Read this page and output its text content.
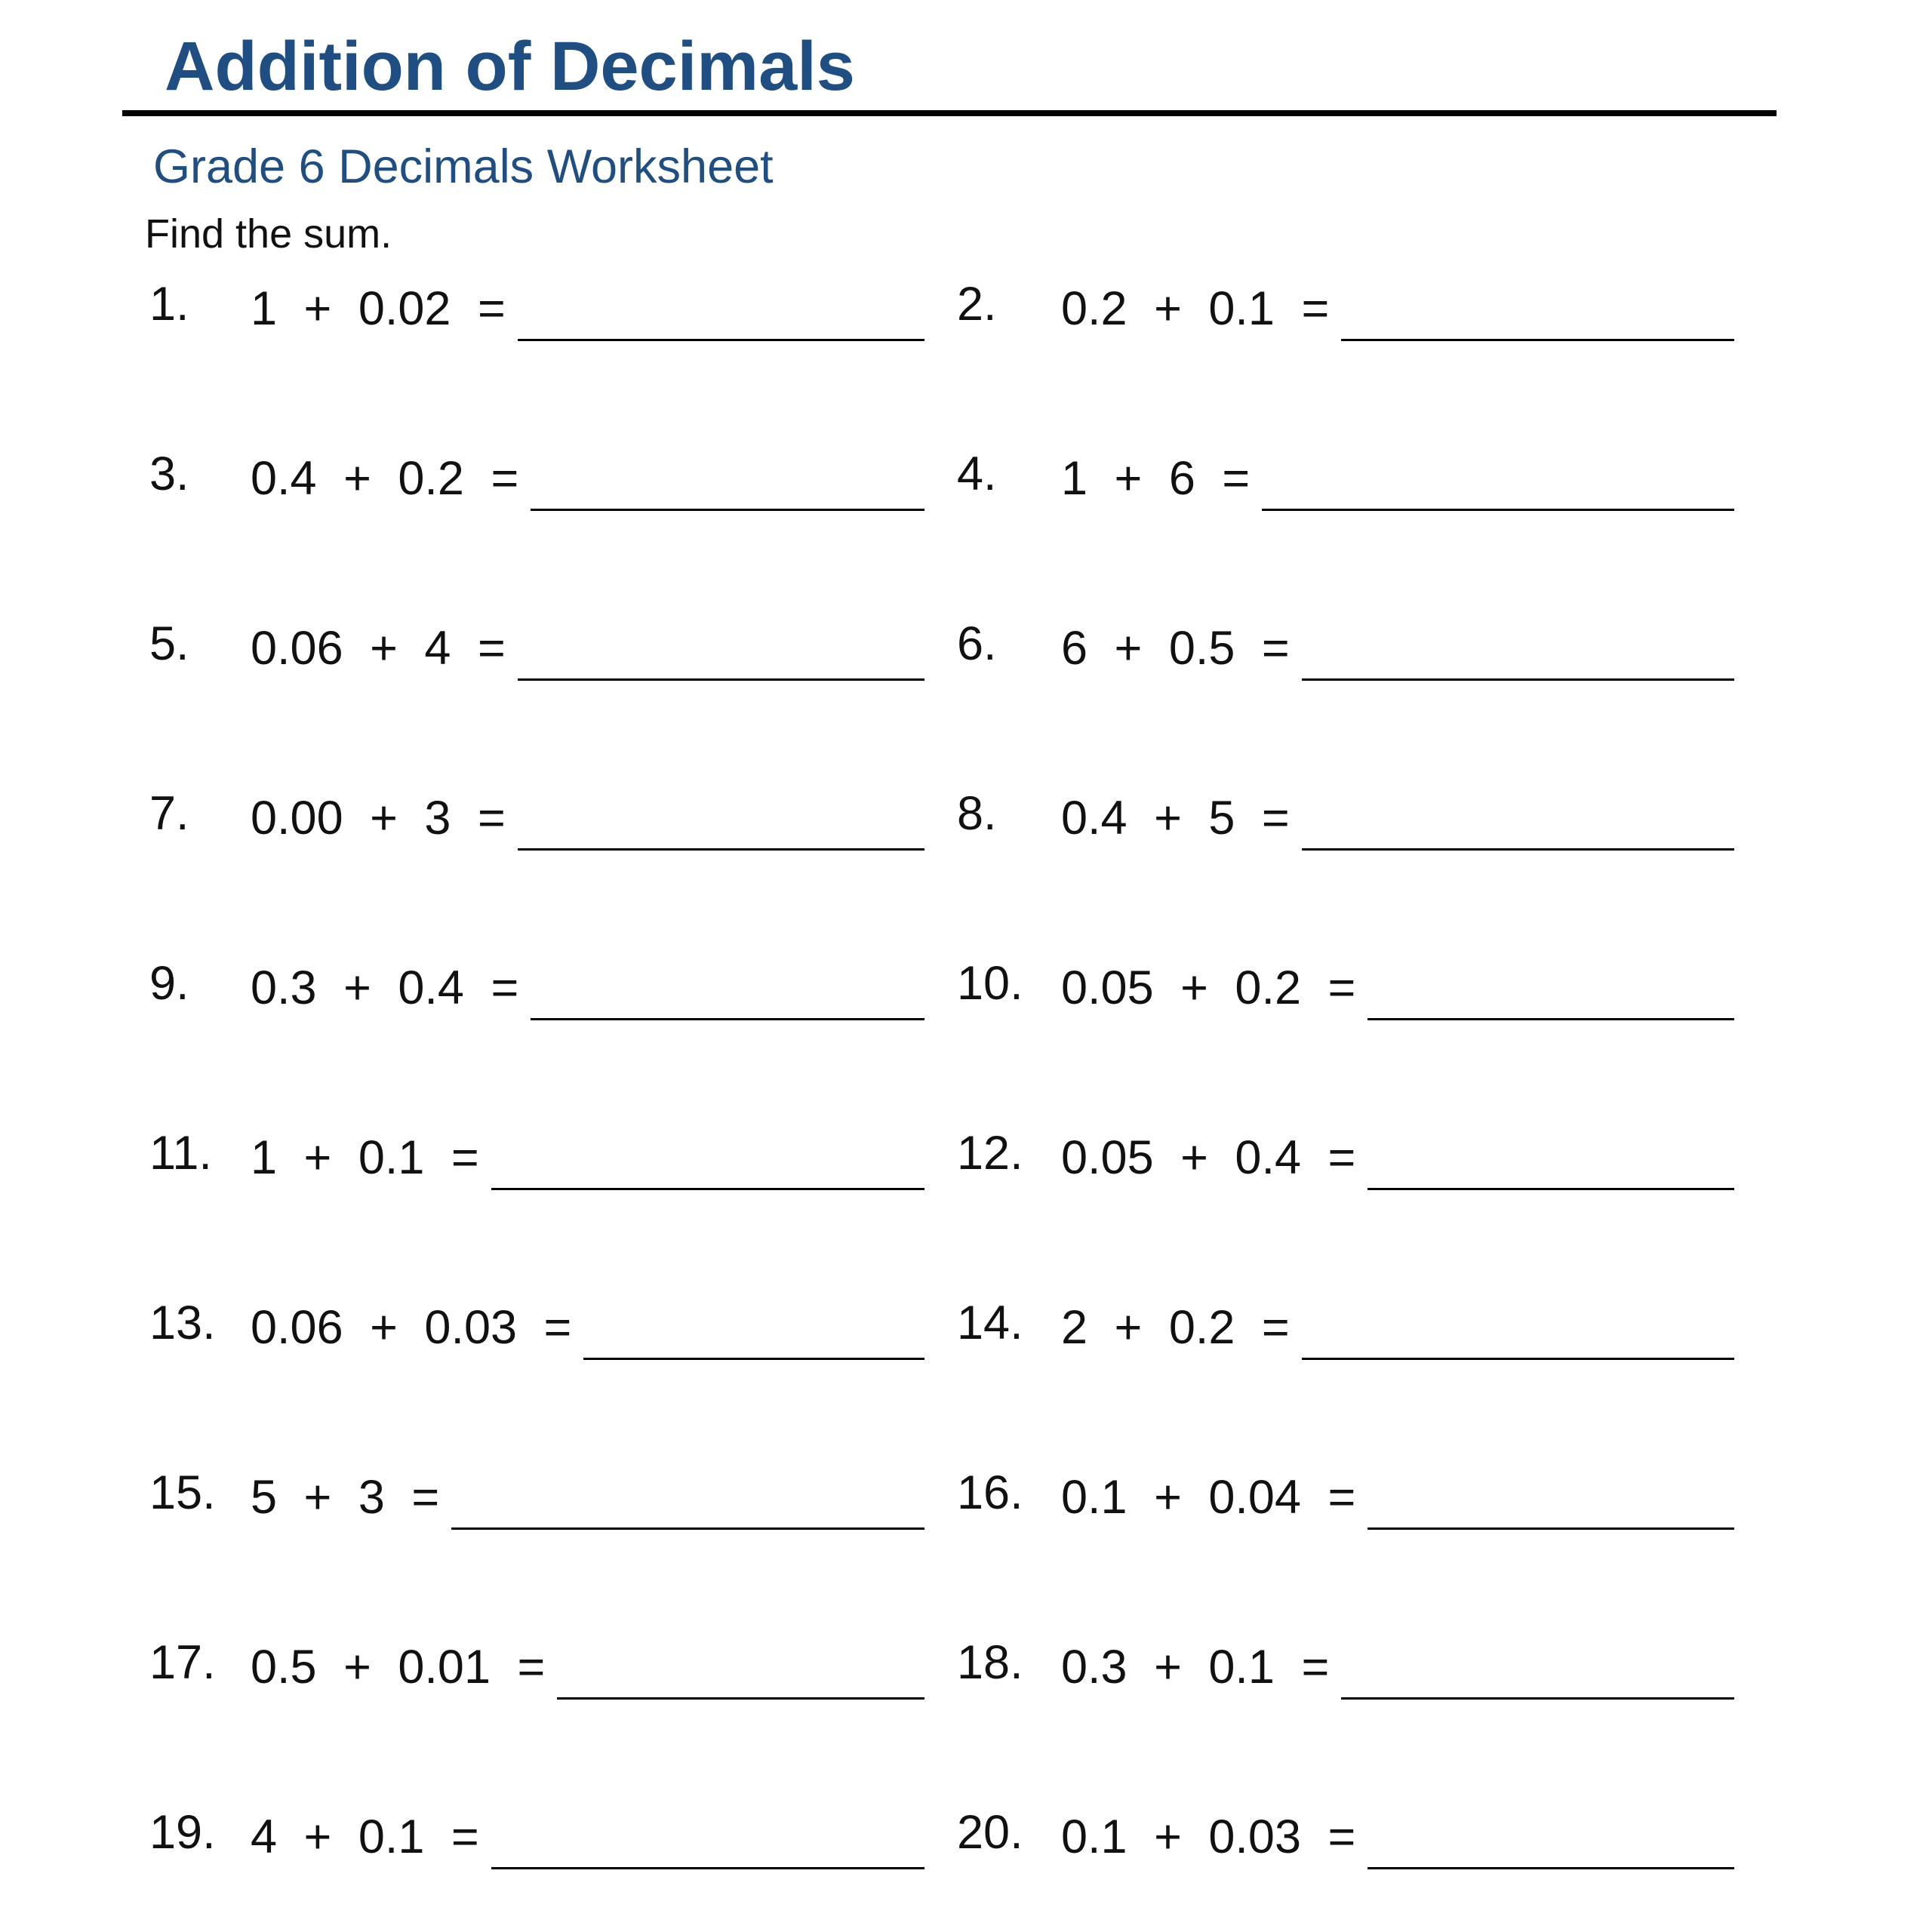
Addition of Decimals
Grade 6 Decimals Worksheet
Find the sum.
1. 1 + 0.02 =	2. 0.2 + 0.1 =
3. 0.4 + 0.2 =	4. 1 + 6 =
5. 0.06 + 4 =	6. 6 + 0.5 =
7. 0.00 + 3 =	8. 0.4 + 5 =
9. 0.3 + 0.4 =	10. 0.05 + 0.2 =
11. 1 + 0.1 =	12. 0.05 + 0.4 =
13. 0.06 + 0.03 =	14. 2 + 0.2 =
15. 5 + 3 =	16. 0.1 + 0.04 =
17. 0.5 + 0.01 =	18. 0.3 + 0.1 =
19. 4 + 0.1 =	20. 0.1 + 0.03 =
